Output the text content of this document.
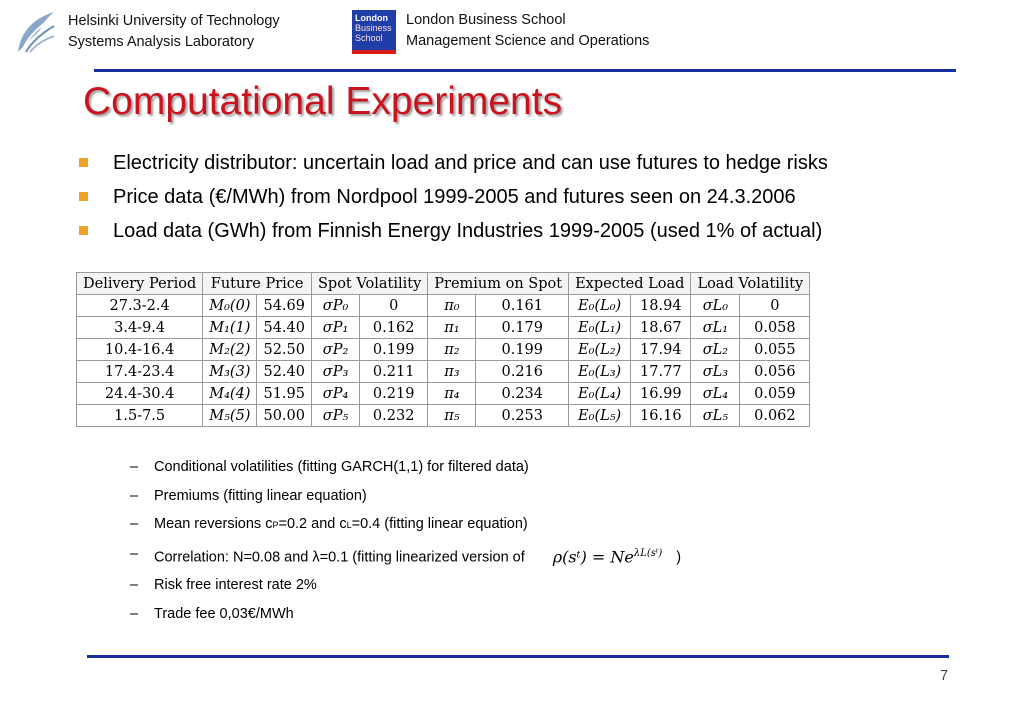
Helsinki University of Technology
Systems Analysis Laboratory
London
Business
School
London Business School
Management Science and Operations
Computational Experiments
Electricity distributor: uncertain load and price and can use futures to hedge risks
Price data (€/MWh) from Nordpool 1999-2005 and futures seen on 24.3.2006
Load data (GWh) from Finnish Energy Industries 1999-2005 (used 1% of actual)
Delivery Period	Future Price		Spot Volatility		Premium on Spot		Expected Load		Load Volatility	
27.3-2.4	M₀(0)	54.69	σP₀	0	π₀	0.161	E₀(L₀)	18.94	σL₀	0
3.4-9.4	M₁(1)	54.40	σP₁	0.162	π₁	0.179	E₀(L₁)	18.67	σL₁	0.058
10.4-16.4	M₂(2)	52.50	σP₂	0.199	π₂	0.199	E₀(L₂)	17.94	σL₂	0.055
17.4-23.4	M₃(3)	52.40	σP₃	0.211	π₃	0.216	E₀(L₃)	17.77	σL₃	0.056
24.4-30.4	M₄(4)	51.95	σP₄	0.219	π₄	0.234	E₀(L₄)	16.99	σL₄	0.059
1.5-7.5	M₅(5)	50.00	σP₅	0.232	π₅	0.253	E₀(L₅)	16.16	σL₅	0.062
– Conditional volatilities (fitting GARCH(1,1) for filtered data)
– Premiums (fitting linear equation)
– Mean reversions cP=0.2 and cL=0.4 (fitting linear equation)
– Correlation: N=0.08 and λ=0.1 (fitting linearized version of ρ(sᵗ) = $Ne^{\lambda L(sᵗ)}$ )
– Risk free interest rate 2%
– Trade fee 0,03€/MWh
7
